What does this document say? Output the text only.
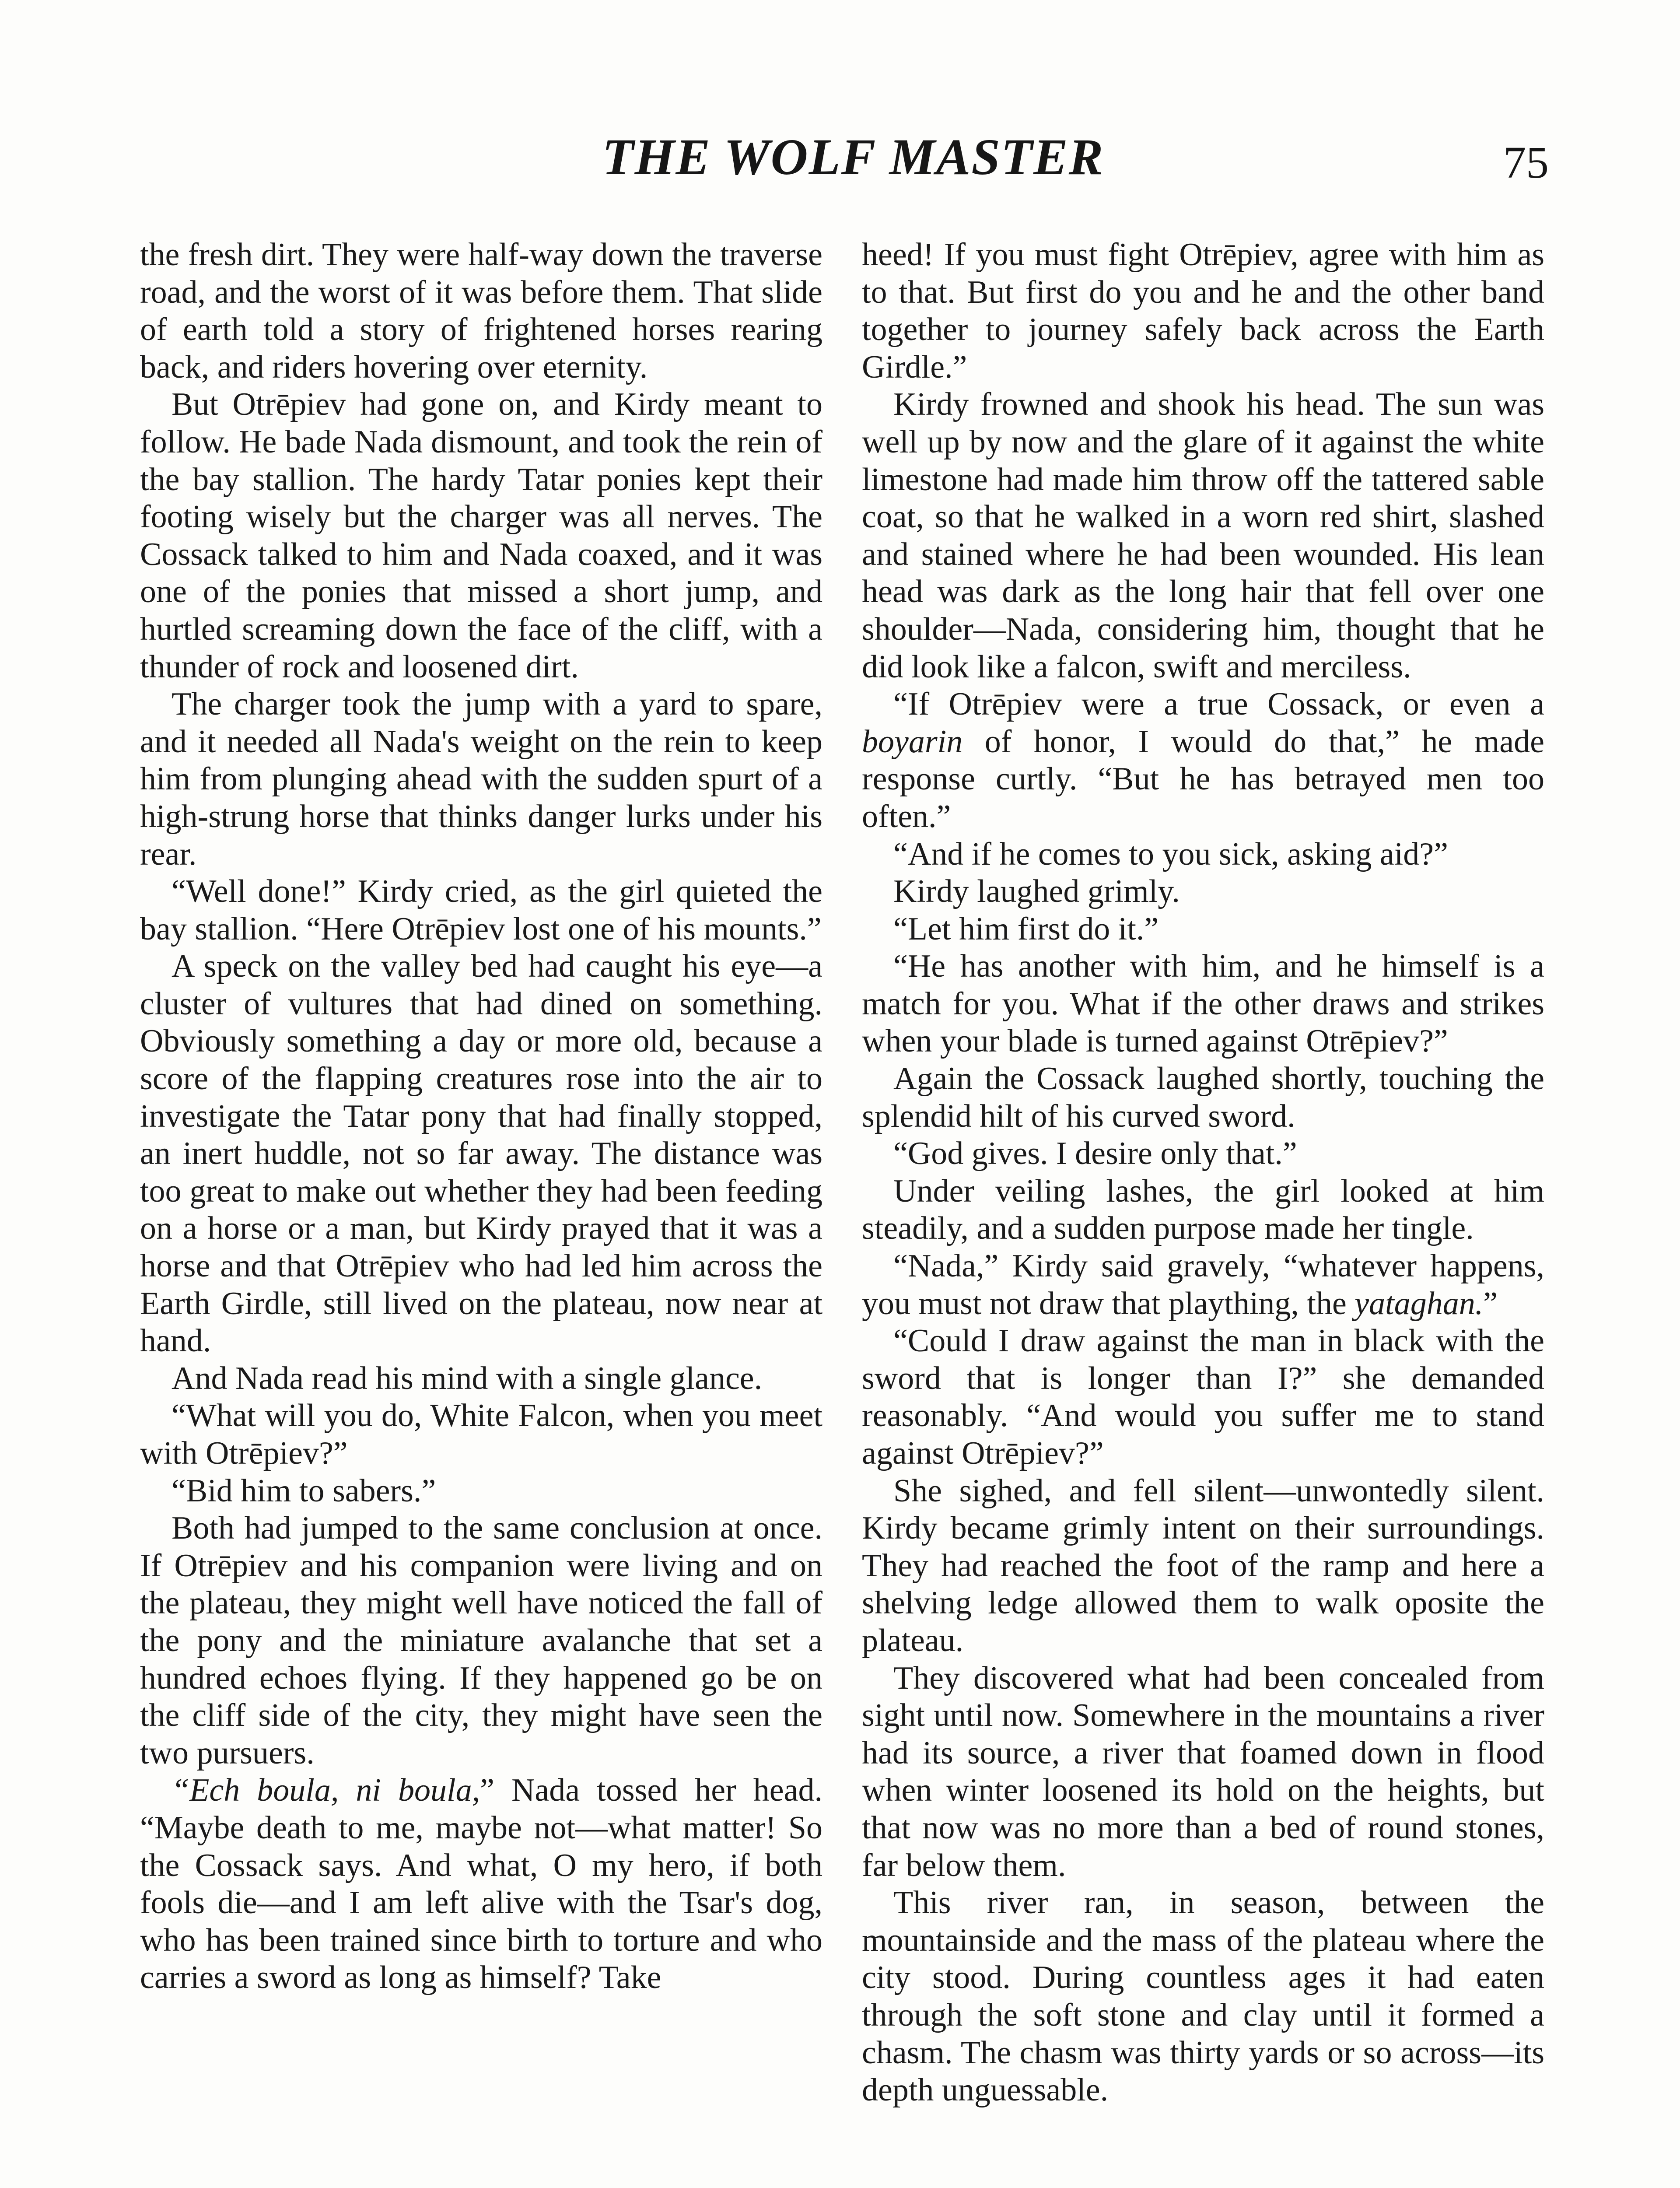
THE WOLF MASTER	75

the fresh dirt. They were half-way down the traverse road, and the worst of it was before them. That slide of earth told a story of frightened horses rearing back, and riders hovering over eternity.

But Otrēpiev had gone on, and Kirdy meant to follow. He bade Nada dismount, and took the rein of the bay stallion. The hardy Tatar ponies kept their footing wisely but the charger was all nerves. The Cossack talked to him and Nada coaxed, and it was one of the ponies that missed a short jump, and hurtled screaming down the face of the cliff, with a thunder of rock and loosened dirt.

The charger took the jump with a yard to spare, and it needed all Nada's weight on the rein to keep him from plunging ahead with the sudden spurt of a high-strung horse that thinks danger lurks under his rear.

“Well done!” Kirdy cried, as the girl quieted the bay stallion. “Here Otrēpiev lost one of his mounts.”

A speck on the valley bed had caught his eye—a cluster of vultures that had dined on something. Obviously something a day or more old, because a score of the flapping creatures rose into the air to investigate the Tatar pony that had finally stopped, an inert huddle, not so far away. The distance was too great to make out whether they had been feeding on a horse or a man, but Kirdy prayed that it was a horse and that Otrēpiev who had led him across the Earth Girdle, still lived on the plateau, now near at hand.

And Nada read his mind with a single glance.

“What will you do, White Falcon, when you meet with Otrēpiev?”

“Bid him to sabers.”

Both had jumped to the same conclusion at once. If Otrēpiev and his companion were living and on the plateau, they might well have noticed the fall of the pony and the miniature avalanche that set a hundred echoes flying. If they happened go be on the cliff side of the city, they might have seen the two pursuers.

“Ech boula, ni boula,” Nada tossed her head. “Maybe death to me, maybe not—what matter! So the Cossack says. And what, O my hero, if both fools die—and I am left alive with the Tsar's dog, who has been trained since birth to torture and who carries a sword as long as himself? Take

heed! If you must fight Otrēpiev, agree with him as to that. But first do you and he and the other band together to journey safely back across the Earth Girdle.”

Kirdy frowned and shook his head. The sun was well up by now and the glare of it against the white limestone had made him throw off the tattered sable coat, so that he walked in a worn red shirt, slashed and stained where he had been wounded. His lean head was dark as the long hair that fell over one shoulder—Nada, considering him, thought that he did look like a falcon, swift and merciless.

“If Otrēpiev were a true Cossack, or even a boyarin of honor, I would do that,” he made response curtly. “But he has betrayed men too often.”

“And if he comes to you sick, asking aid?”

Kirdy laughed grimly.

“Let him first do it.”

“He has another with him, and he himself is a match for you. What if the other draws and strikes when your blade is turned against Otrēpiev?”

Again the Cossack laughed shortly, touching the splendid hilt of his curved sword.

“God gives. I desire only that.”

Under veiling lashes, the girl looked at him steadily, and a sudden purpose made her tingle.

“Nada,” Kirdy said gravely, “whatever happens, you must not draw that plaything, the yataghan.”

“Could I draw against the man in black with the sword that is longer than I?” she demanded reasonably. “And would you suffer me to stand against Otrēpiev?”

She sighed, and fell silent—unwontedly silent. Kirdy became grimly intent on their surroundings. They had reached the foot of the ramp and here a shelving ledge allowed them to walk oposite the plateau.

They discovered what had been concealed from sight until now. Somewhere in the mountains a river had its source, a river that foamed down in flood when winter loosened its hold on the heights, but that now was no more than a bed of round stones, far below them.

This river ran, in season, between the mountainside and the mass of the plateau where the city stood. During countless ages it had eaten through the soft stone and clay until it formed a chasm. The chasm was thirty yards or so across—its depth unguessable.
